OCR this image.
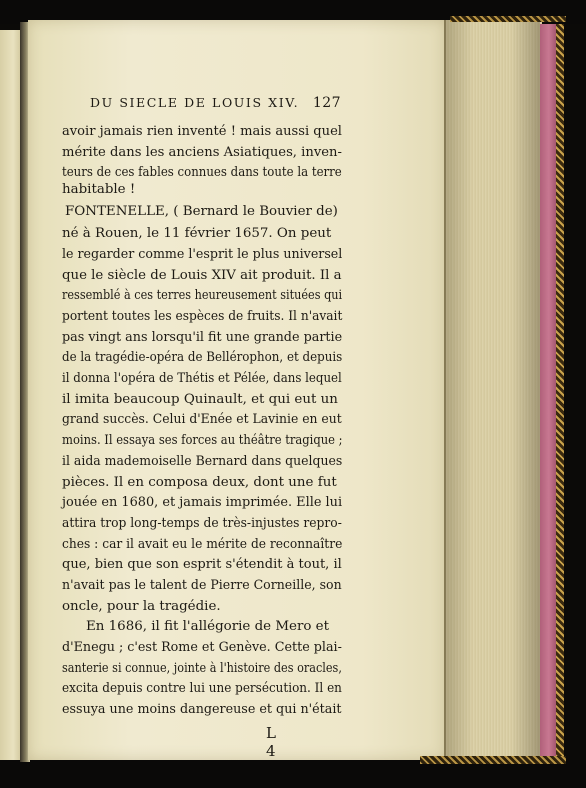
DU SIECLE DE LOUIS XIV. 127
avoir jamais rien inventé ! mais aussi quel
mérite dans les anciens Asiatiques, inven-
teurs de ces fables connues dans toute la terre
habitable !
FONTENELLE, ( Bernard le Bouvier de)
né à Rouen, le 11 février 1657. On peut
le regarder comme l'esprit le plus universel
que le siècle de Louis XIV ait produit. Il a
ressemblé à ces terres heureusement situées qui
portent toutes les espèces de fruits. Il n'avait
pas vingt ans lorsqu'il fit une grande partie
de la tragédie-opéra de Bellérophon, et depuis
il donna l'opéra de Thétis et Pélée, dans lequel
il imita beaucoup Quinault, et qui eut un
grand succès. Celui d'Enée et Lavinie en eut
moins. Il essaya ses forces au théâtre tragique ;
il aida mademoiselle Bernard dans quelques
pièces. Il en composa deux, dont une fut
jouée en 1680, et jamais imprimée. Elle lui
attira trop long-temps de très-injustes repro-
ches : car il avait eu le mérite de reconnaître
que, bien que son esprit s'étendit à tout, il
n'avait pas le talent de Pierre Corneille, son
oncle, pour la tragédie.
En 1686, il fit l'allégorie de Mero et
d'Enegu ; c'est Rome et Genève. Cette plai-
santerie si connue, jointe à l'histoire des oracles,
excita depuis contre lui une persécution. Il en
essuya une moins dangereuse et qui n'était
L 4
